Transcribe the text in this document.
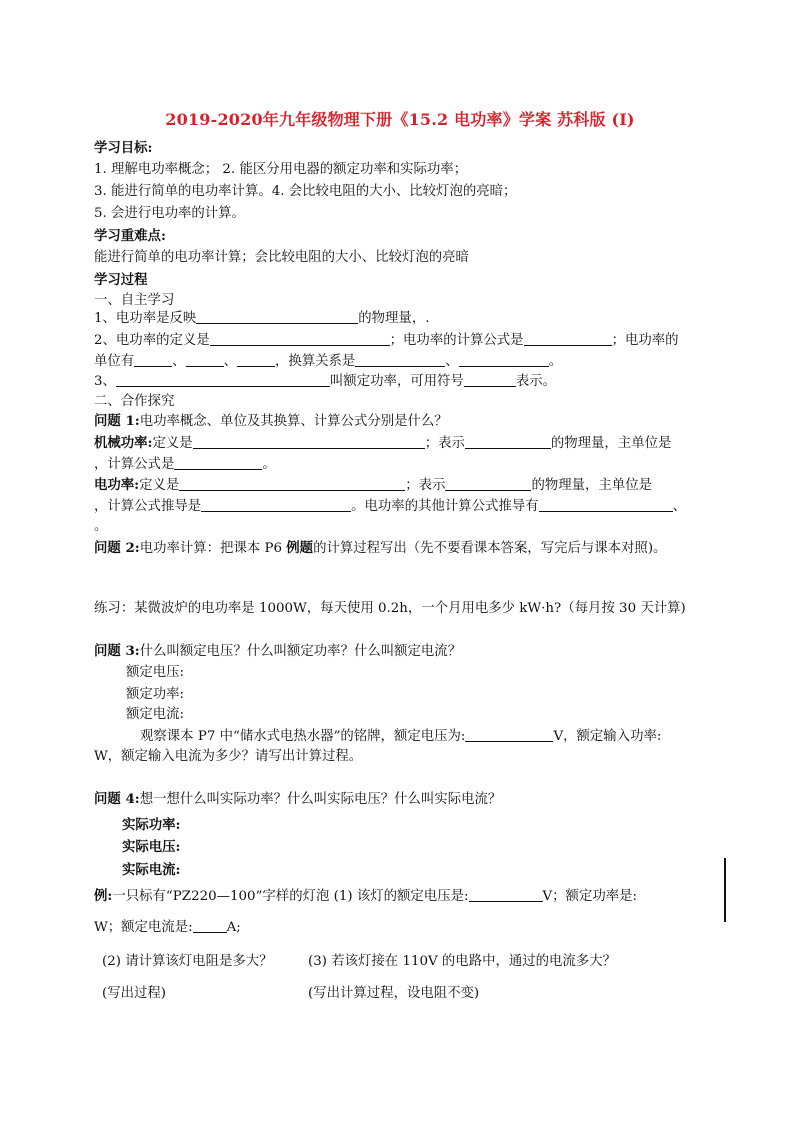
2019-2020年九年级物理下册《15.2 电功率》学案 苏科版 (I)
学习目标:
1. 理解电功率概念； 2. 能区分用电器的额定功率和实际功率；
3. 能进行简单的电功率计算。4. 会比较电阻的大小、比较灯泡的亮暗；
5. 会进行电功率的计算。
学习重难点:
能进行简单的电功率计算；会比较电阻的大小、比较灯泡的亮暗
学习过程
一、自主学习
1、电功率是反映	的物理量，.
2、电功率的定义是	；电功率的计算公式是	；电功率的
单位有	、	、	，换算关系是	、	。
3、	叫额定功率，可用符号	表示。
二、合作探究
问题 1:电功率概念、单位及其换算、计算公式分别是什么？
机械功率:定义是	；表示	的物理量，主单位是
，计算公式是	。
电功率:定义是	；表示	的物理量，主单位是
，计算公式推导是	。电功率的其他计算公式推导有	、
。
问题 2:电功率计算：把课本 P6 例题的计算过程写出（先不要看课本答案，写完后与课本对照)。
练习：某微波炉的电功率是 1000W，每天使用 0.2h，一个月用电多少 kW·h?（每月按 30 天计算)
问题 3:什么叫额定电压？什么叫额定功率？什么叫额定电流？
额定电压:
额定功率:
额定电流:
观察课本 P7 中“储水式电热水器”的铭牌，额定电压为:	V，额定输入功率:
W，额定输入电流为多少？请写出计算过程。
问题 4:想一想什么叫实际功率？什么叫实际电压？什么叫实际电流？
实际功率:
实际电压:
实际电流:
例:一只标有“PZ220—100”字样的灯泡 (1) 该灯的额定电压是:	V；额定功率是:
W；额定电流是:	A;
(2) 请计算该灯电阻是多大？	(3) 若该灯接在 110V 的电路中，通过的电流多大？
(写出过程)	(写出计算过程，设电阻不变)
